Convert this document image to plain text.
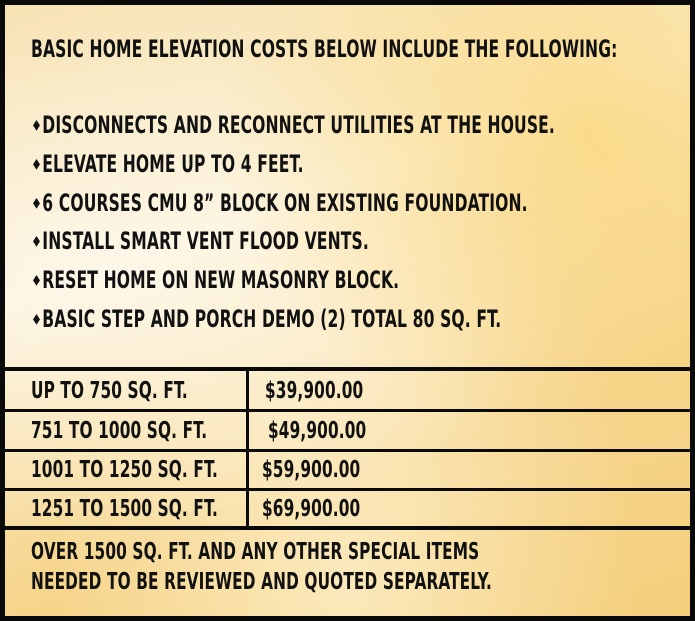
BASIC HOME ELEVATION COSTS BELOW INCLUDE THE FOLLOWING:
◆DISCONNECTS AND RECONNECT UTILITIES AT THE HOUSE.
◆ELEVATE HOME UP TO 4 FEET.
◆6 COURSES CMU 8” BLOCK ON EXISTING FOUNDATION.
◆INSTALL SMART VENT FLOOD VENTS.
◆RESET HOME ON NEW MASONRY BLOCK.
◆BASIC STEP AND PORCH DEMO (2) TOTAL 80 SQ. FT.
UP TO 750 SQ. FT.	$39,900.00
751 TO 1000 SQ. FT.	$49,900.00
1001 TO 1250 SQ. FT. $59,900.00
1251 TO 1500 SQ. FT. $69,900.00
OVER 1500 SQ. FT. AND ANY OTHER SPECIAL ITEMS
NEEDED TO BE REVIEWED AND QUOTED SEPARATELY.
